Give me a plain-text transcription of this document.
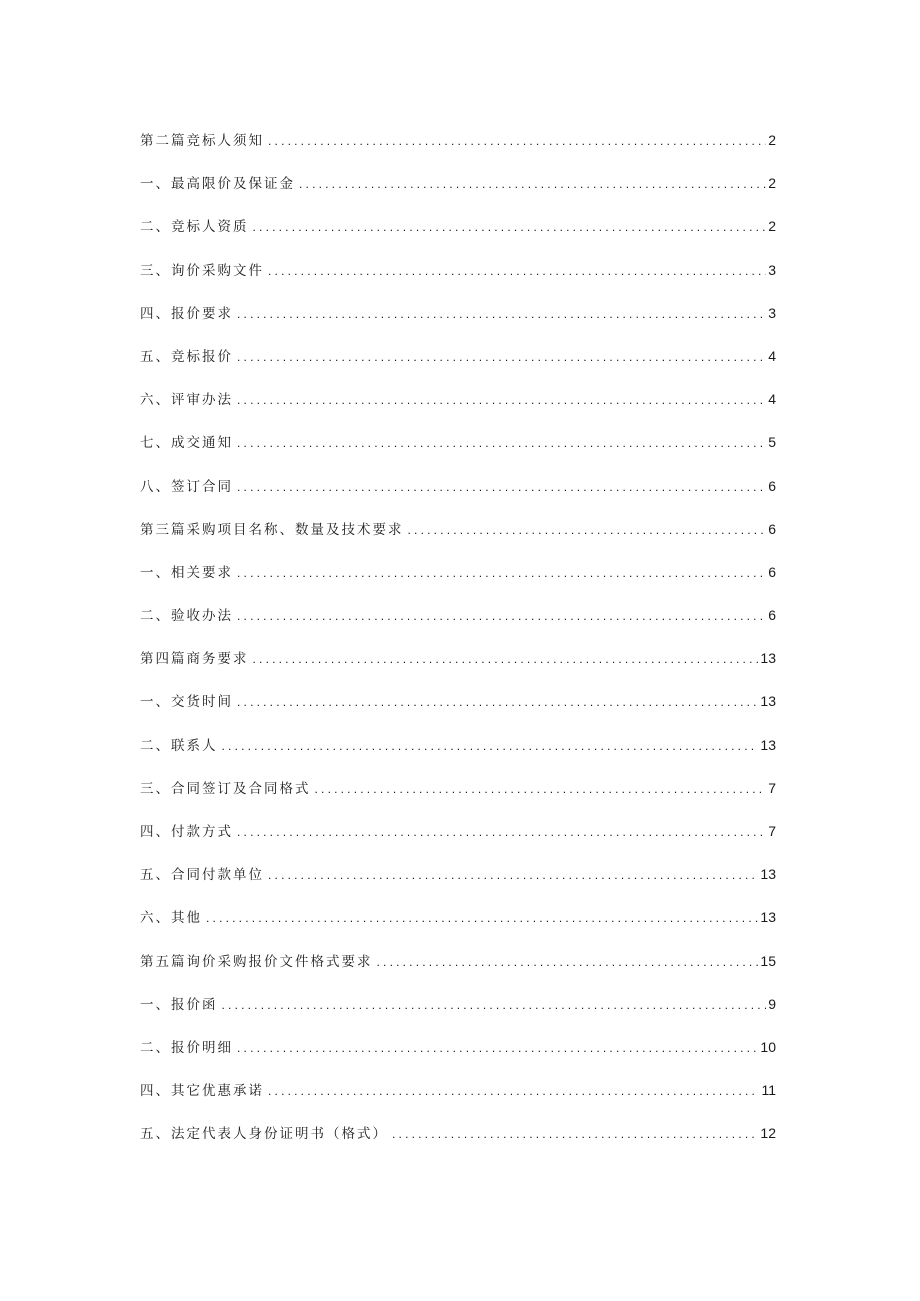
第二篇竞标人须知 .....	2
一、最高限价及保证金 .....	2
二、竞标人资质 .....	2
三、询价采购文件 .....	3
四、报价要求 .....	3
五、竞标报价 .....	4
六、评审办法 .....	4
七、成交通知 .....	5
八、签订合同 .....	6
第三篇采购项目名称、数量及技术要求 .....	6
一、相关要求 .....	6
二、验收办法 .....	6
第四篇商务要求 .....	13
一、交货时间 .....	13
二、联系人 .....	13
三、合同签订及合同格式 .....	7
四、付款方式 .....	7
五、合同付款单位 .....	13
六、其他 .....	13
第五篇询价采购报价文件格式要求 .....	15
一、报价函 .....	9
二、报价明细 .....	10
四、其它优惠承诺 .....	11
五、法定代表人身份证明书（格式） .....	12
